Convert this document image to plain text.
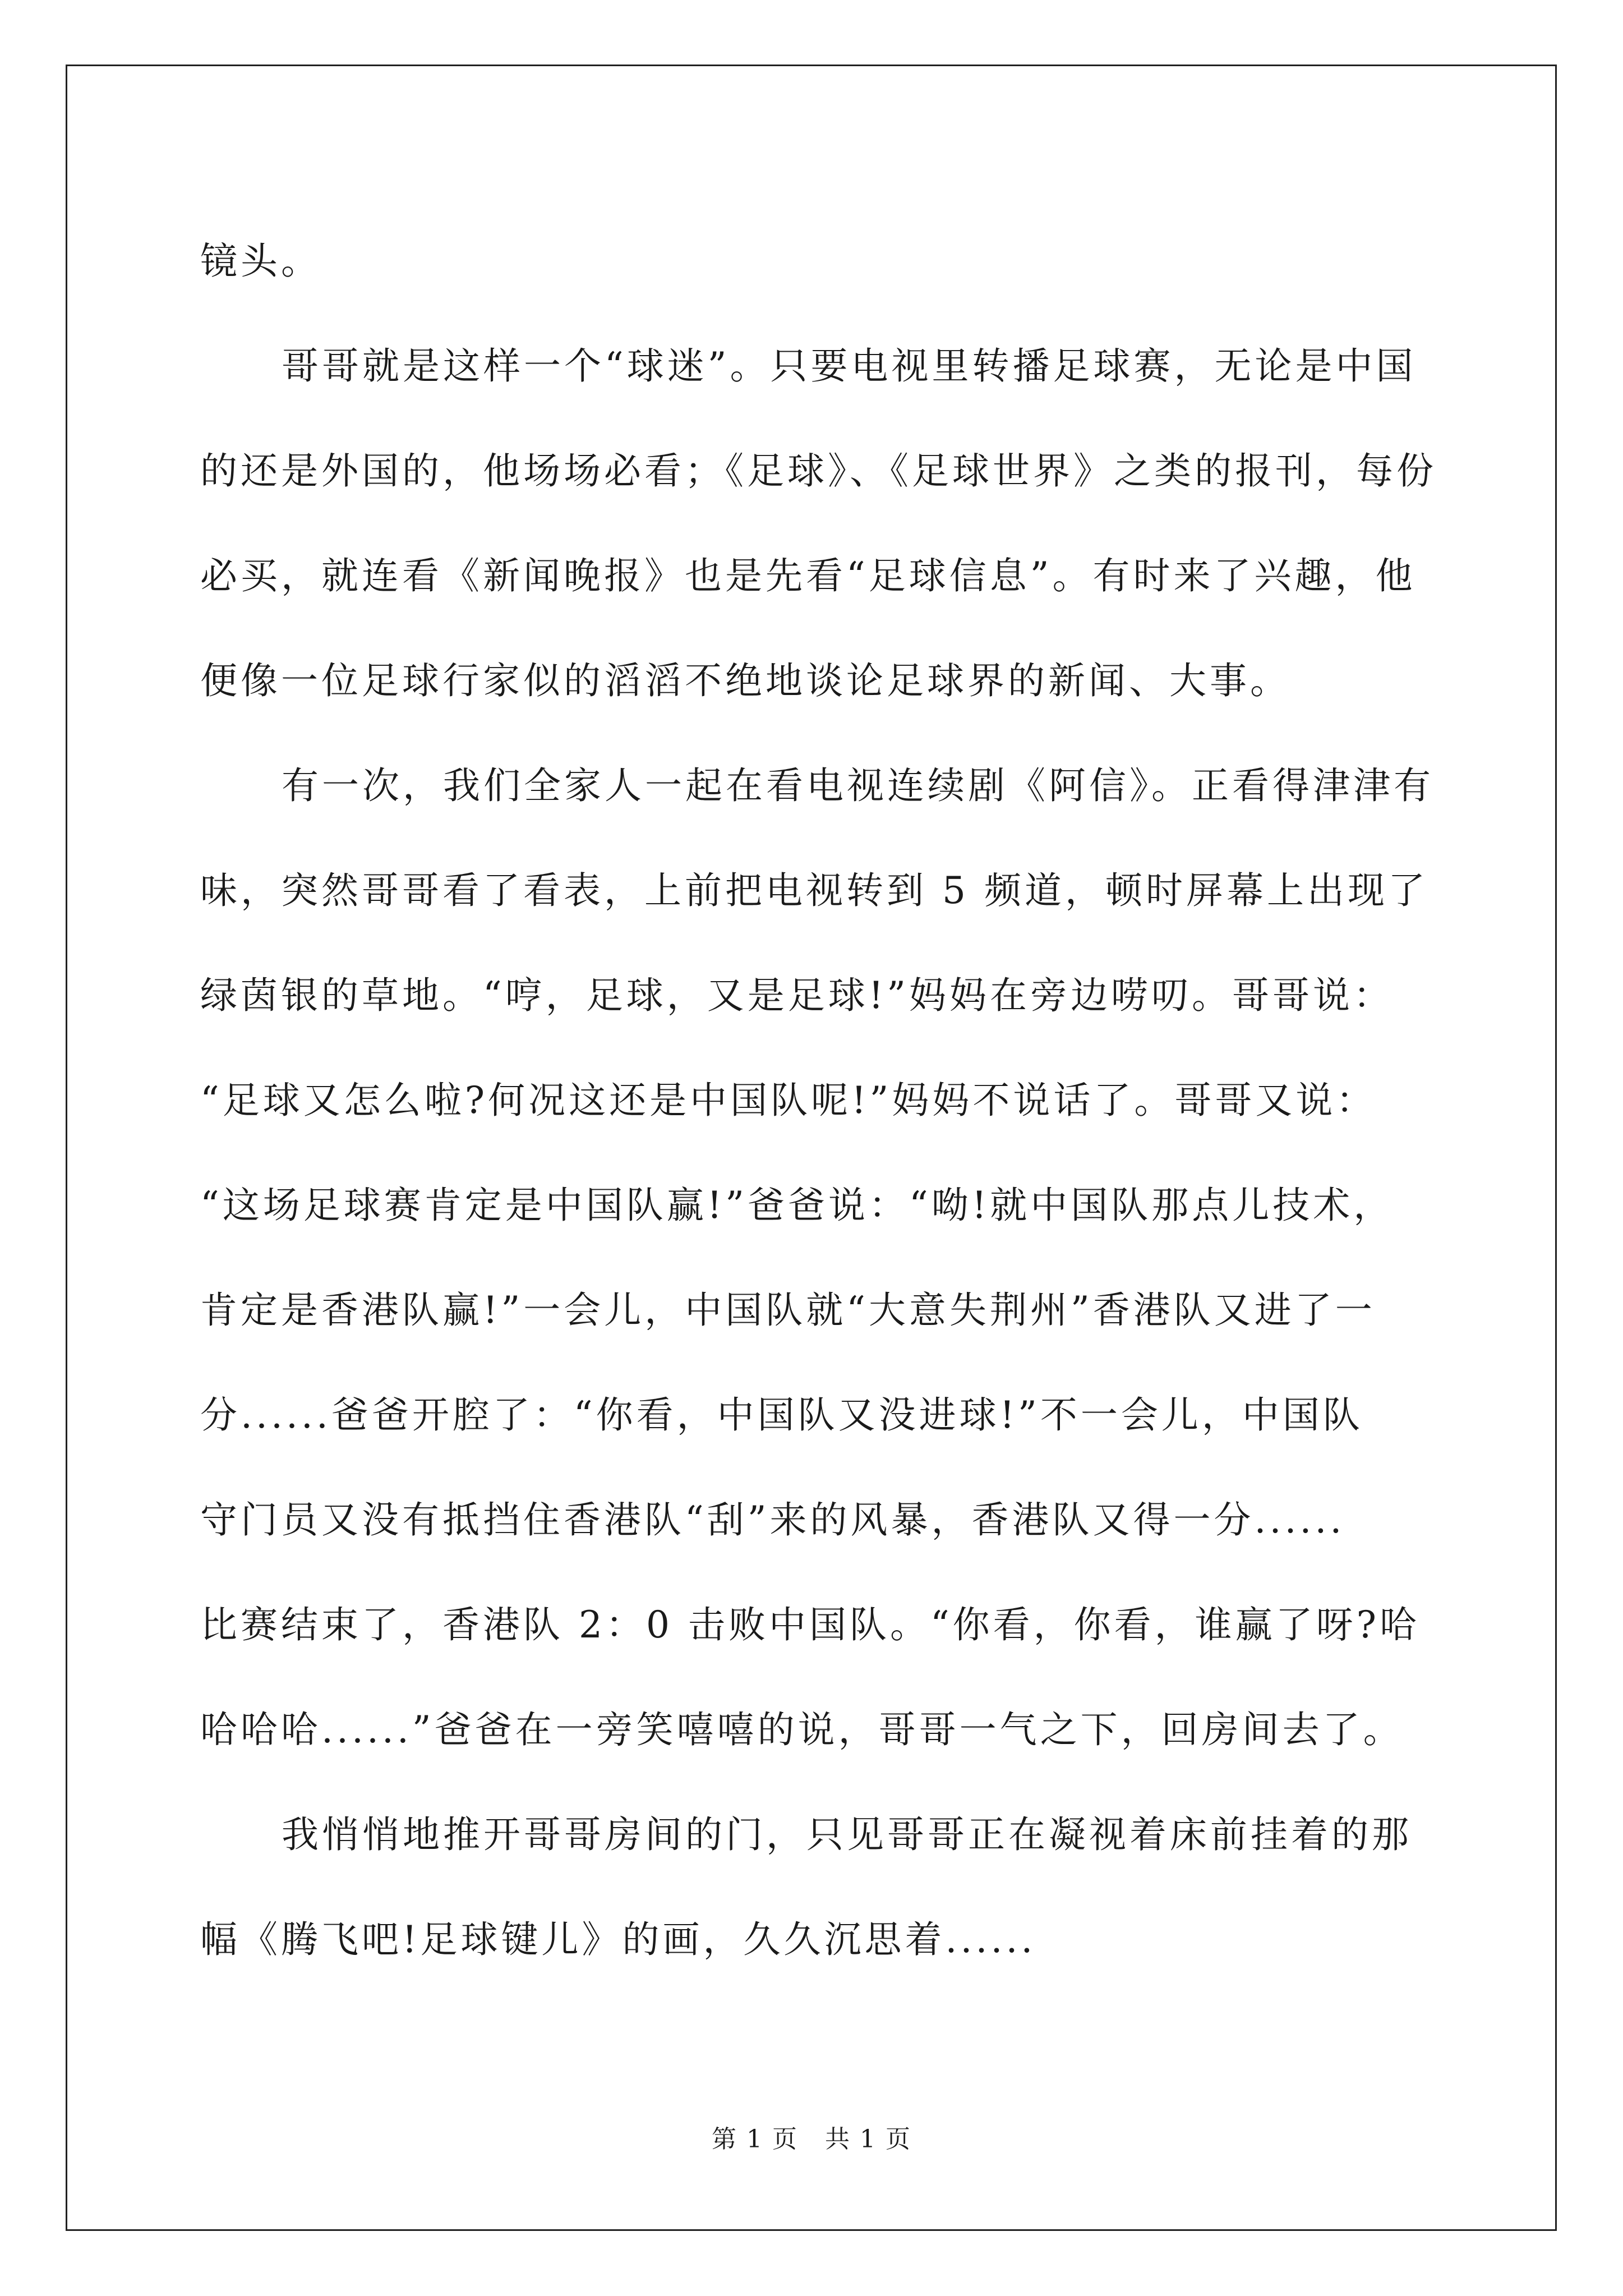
镜头。
哥哥就是这样一个“球迷”。只要电视里转播足球赛，无论是中国
的还是外国的，他场场必看；《足球》、《足球世界》之类的报刊，每份
必买，就连看《新闻晚报》也是先看“足球信息”。有时来了兴趣，他
便像一位足球行家似的滔滔不绝地谈论足球界的新闻、大事。
有一次，我们全家人一起在看电视连续剧《阿信》。正看得津津有
味，突然哥哥看了看表，上前把电视转到 5 频道，顿时屏幕上出现了
绿茵银的草地。“哼，足球，又是足球!”妈妈在旁边唠叨。哥哥说：
“足球又怎么啦?何况这还是中国队呢!”妈妈不说话了。哥哥又说：
“这场足球赛肯定是中国队赢!”爸爸说：“呦!就中国队那点儿技术，
肯定是香港队赢!”一会儿，中国队就“大意失荆州”香港队又进了一
分......爸爸开腔了：“你看，中国队又没进球!”不一会儿，中国队
守门员又没有抵挡住香港队“刮”来的风暴，香港队又得一分......
比赛结束了，香港队 2：0 击败中国队。“你看，你看，谁赢了呀?哈
哈哈哈......”爸爸在一旁笑嘻嘻的说，哥哥一气之下，回房间去了。
我悄悄地推开哥哥房间的门，只见哥哥正在凝视着床前挂着的那
幅《腾飞吧!足球键儿》的画，久久沉思着......
第 1 页   共 1 页
